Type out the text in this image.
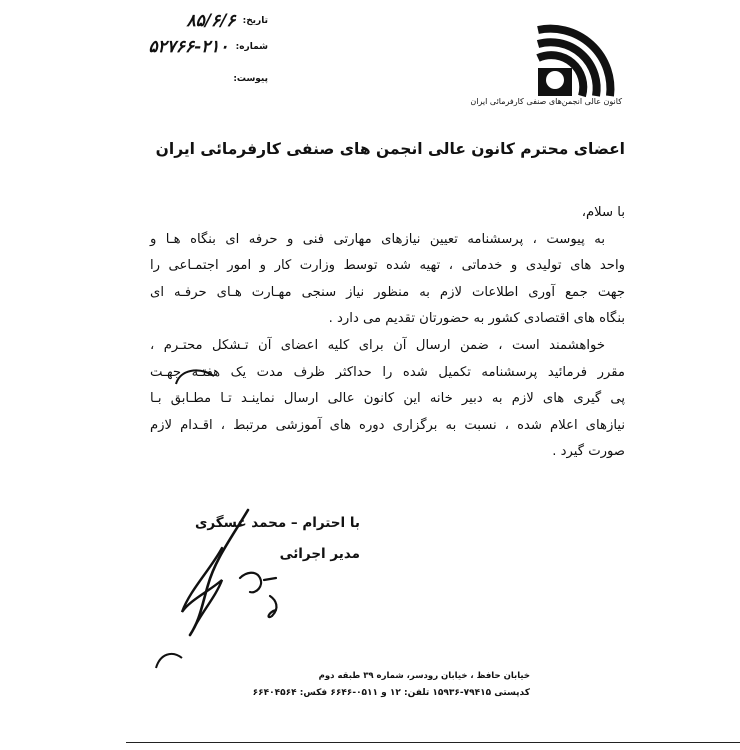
تاریخ: ۸۵/۶/۶
شماره: ۵۲۷۶۶-۲۱۰
پیوست:
کانون عالی انجمن‌های صنفی کارفرمائی ایران
اعضای محترم کانون عالی انجمن های صنفی کارفرمائی ایران

با سلام،

به پیوست ، پرسشنامه تعیین نیازهای مهارتی فنی و حرفه ای بنگاه هـا و
واحد های تولیدی و خدماتی ، تهیه شده توسط وزارت کار و امور اجتمـاعی را
جهت جمع آوری اطلاعات لازم به منظور نیاز سنجی مهـارت هـای حرفـه ای
بنگاه های اقتصادی کشور به حضورتان تقدیم می دارد .

خواهشمند است ، ضمن ارسال آن برای کلیه اعضای آن تـشکل محتـرم ،
مقرر فرمائید پرسشنامه تکمیل شده را حداکثر ظرف مدت یک هفتـه جهـت
پی گیری های لازم به دبیر خانه این کانون عالی ارسال نماینـد تـا مطـابق بـا
نیازهای اعلام شده ، نسبت به برگزاری دوره های آموزشی مرتبط ، اقـدام لازم
صورت گیرد .

با احترام – محمد عسگری
مدیر اجرائی
خیابان حافظ ، خیابان رودسر، شماره ۳۹ طبقه دوم
کدپستی ۷۹۴۱۵-۱۵۹۳۶ تلفن: ۱۲ و ۰۵۱۱-۶۶۴۶ فکس: ۶۶۴۰۴۵۶۴
